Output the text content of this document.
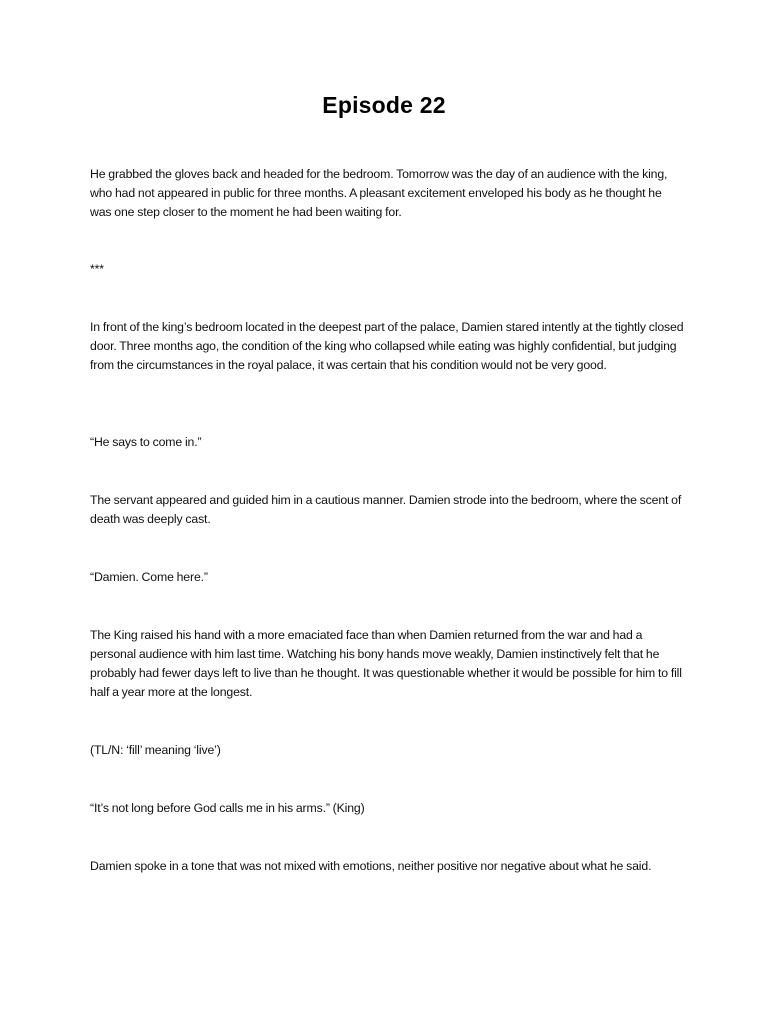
Episode 22

He grabbed the gloves back and headed for the bedroom. Tomorrow was the day of an audience with the king, who had not appeared in public for three months. A pleasant excitement enveloped his body as he thought he was one step closer to the moment he had been waiting for.

***

In front of the king’s bedroom located in the deepest part of the palace, Damien stared intently at the tightly closed door. Three months ago, the condition of the king who collapsed while eating was highly confidential, but judging from the circumstances in the royal palace, it was certain that his condition would not be very good.

“He says to come in.”

The servant appeared and guided him in a cautious manner. Damien strode into the bedroom, where the scent of death was deeply cast.

“Damien. Come here.”

The King raised his hand with a more emaciated face than when Damien returned from the war and had a personal audience with him last time. Watching his bony hands move weakly, Damien instinctively felt that he probably had fewer days left to live than he thought. It was questionable whether it would be possible for him to fill half a year more at the longest.

(TL/N: ‘fill’ meaning ‘live’)

“It’s not long before God calls me in his arms.” (King)

Damien spoke in a tone that was not mixed with emotions, neither positive nor negative about what he said.
